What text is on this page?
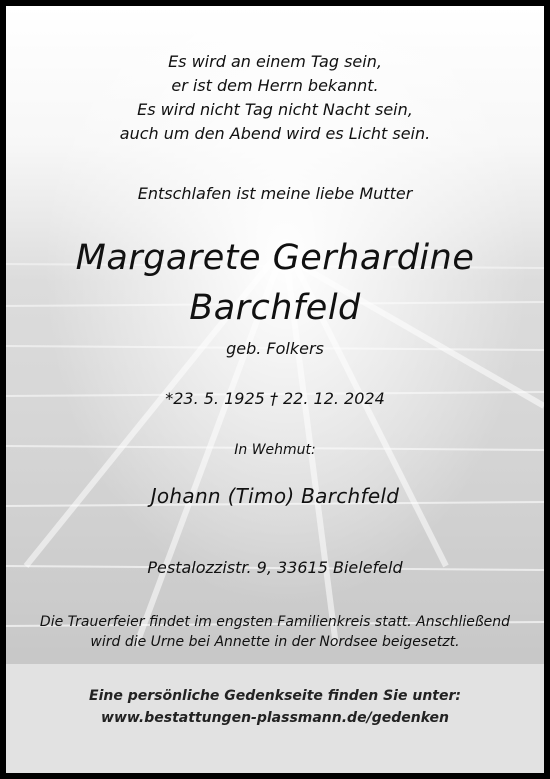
Es wird an einem Tag sein,
er ist dem Herrn bekannt.
Es wird nicht Tag nicht Nacht sein,
auch um den Abend wird es Licht sein.
Entschlafen ist meine liebe Mutter
Margarete Gerhardine
Barchfeld
geb. Folkers
*23. 5. 1925 † 22. 12. 2024
In Wehmut:
Johann (Timo) Barchfeld
Pestalozzistr. 9, 33615 Bielefeld
Die Trauerfeier findet im engsten Familienkreis statt. Anschließend
wird die Urne bei Annette in der Nordsee beigesetzt.
Eine persönliche Gedenkseite finden Sie unter:
www.bestattungen-plassmann.de/gedenken
